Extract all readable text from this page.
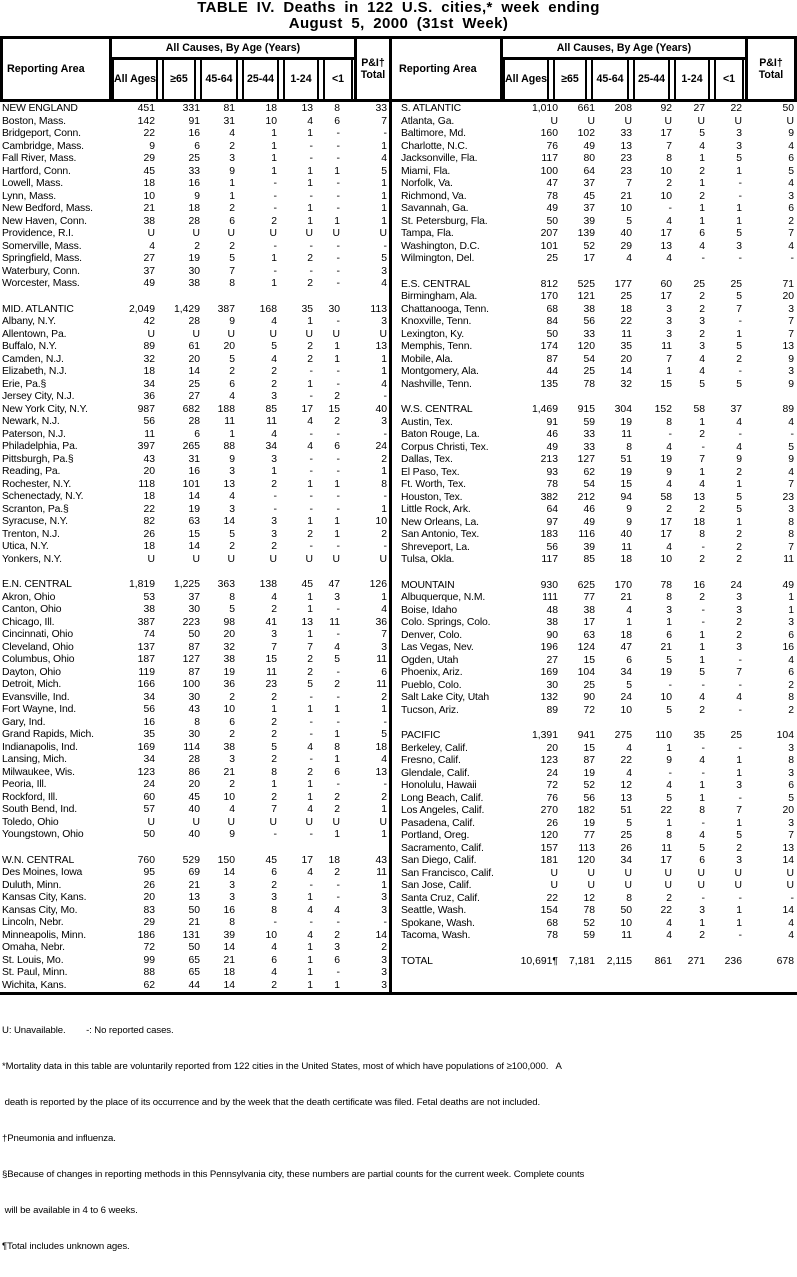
TABLE IV. Deaths in 122 U.S. cities,* week ending
August 5, 2000 (31st Week)
Reporting Area
All Causes, By Age (Years)
All Ages	≥65	45-64	25-44	1-24	<1
P&I†
Total Reporting Area
All Causes, By Age (Years)
All Ages	≥65	45-64	25-44	1-24	<1
P&I†
Total
NEW ENGLAND	451	331	81	18	13	8	33
Boston, Mass.	142	91	31	10	4	6	7
Bridgeport, Conn.	22	16	4	1	1	-	-
Cambridge, Mass.	9	6	2	1	-	-	1
Fall River, Mass.	29	25	3	1	-	-	4
Hartford, Conn.	45	33	9	1	1	1	5
Lowell, Mass.	18	16	1	-	1	-	1
Lynn, Mass.	10	9	1	-	-	-	1
New Bedford, Mass.	21	18	2	-	1	-	1
New Haven, Conn.	38	28	6	2	1	1	1
Providence, R.I.	U	U	U	U	U	U	U
Somerville, Mass.	4	2	2	-	-	-	-
Springfield, Mass.	27	19	5	1	2	-	5
Waterbury, Conn.	37	30	7	-	-	-	3
Worcester, Mass.	49	38	8	1	2	-	4
MID. ATLANTIC	2,049	1,429	387	168	35	30	113
Albany, N.Y.	42	28	9	4	1	-	3
Allentown, Pa.	U	U	U	U	U	U	U
Buffalo, N.Y.	89	61	20	5	2	1	13
Camden, N.J.	32	20	5	4	2	1	1
Elizabeth, N.J.	18	14	2	2	-	-	1
Erie, Pa.§	34	25	6	2	1	-	4
Jersey City, N.J.	36	27	4	3	-	2	-
New York City, N.Y.	987	682	188	85	17	15	40
Newark, N.J.	56	28	11	11	4	2	3
Paterson, N.J.	11	6	1	4	-	-	-
Philadelphia, Pa.	397	265	88	34	4	6	24
Pittsburgh, Pa.§	43	31	9	3	-	-	2
Reading, Pa.	20	16	3	1	-	-	1
Rochester, N.Y.	118	101	13	2	1	1	8
Schenectady, N.Y.	18	14	4	-	-	-	-
Scranton, Pa.§	22	19	3	-	-	-	1
Syracuse, N.Y.	82	63	14	3	1	1	10
Trenton, N.J.	26	15	5	3	2	1	2
Utica, N.Y.	18	14	2	2	-	-	-
Yonkers, N.Y.	U	U	U	U	U	U	U
E.N. CENTRAL	1,819	1,225	363	138	45	47	126
Akron, Ohio	53	37	8	4	1	3	1
Canton, Ohio	38	30	5	2	1	-	4
Chicago, Ill.	387	223	98	41	13	11	36
Cincinnati, Ohio	74	50	20	3	1	-	7
Cleveland, Ohio	137	87	32	7	7	4	3
Columbus, Ohio	187	127	38	15	2	5	11
Dayton, Ohio	119	87	19	11	2	-	6
Detroit, Mich.	166	100	36	23	5	2	11
Evansville, Ind.	34	30	2	2	-	-	2
Fort Wayne, Ind.	56	43	10	1	1	1	1
Gary, Ind.	16	8	6	2	-	-	-
Grand Rapids, Mich.	35	30	2	2	-	1	5
Indianapolis, Ind.	169	114	38	5	4	8	18
Lansing, Mich.	34	28	3	2	-	1	4
Milwaukee, Wis.	123	86	21	8	2	6	13
Peoria, Ill.	24	20	2	1	1	-	-
Rockford, Ill.	60	45	10	2	1	2	2
South Bend, Ind.	57	40	4	7	4	2	1
Toledo, Ohio	U	U	U	U	U	U	U
Youngstown, Ohio	50	40	9	-	-	1	1
W.N. CENTRAL	760	529	150	45	17	18	43
Des Moines, Iowa	95	69	14	6	4	2	11
Duluth, Minn.	26	21	3	2	-	-	1
Kansas City, Kans.	20	13	3	3	1	-	3
Kansas City, Mo.	83	50	16	8	4	4	3
Lincoln, Nebr.	29	21	8	-	-	-	-
Minneapolis, Minn.	186	131	39	10	4	2	14
Omaha, Nebr.	72	50	14	4	1	3	2
St. Louis, Mo.	99	65	21	6	1	6	3
St. Paul, Minn.	88	65	18	4	1	-	3
Wichita, Kans.	62	44	14	2	1	1	3
S. ATLANTIC	1,010	661	208	92	27	22	50
Atlanta, Ga.	U	U	U	U	U	U	U
Baltimore, Md.	160	102	33	17	5	3	9
Charlotte, N.C.	76	49	13	7	4	3	4
Jacksonville, Fla.	117	80	23	8	1	5	6
Miami, Fla.	100	64	23	10	2	1	5
Norfolk, Va.	47	37	7	2	1	-	4
Richmond, Va.	78	45	21	10	2	-	3
Savannah, Ga.	49	37	10	-	1	1	6
St. Petersburg, Fla.	50	39	5	4	1	1	2
Tampa, Fla.	207	139	40	17	6	5	7
Washington, D.C.	101	52	29	13	4	3	4
Wilmington, Del.	25	17	4	4	-	-	-
E.S. CENTRAL	812	525	177	60	25	25	71
Birmingham, Ala.	170	121	25	17	2	5	20
Chattanooga, Tenn.	68	38	18	3	2	7	3
Knoxville, Tenn.	84	56	22	3	3	-	7
Lexington, Ky.	50	33	11	3	2	1	7
Memphis, Tenn.	174	120	35	11	3	5	13
Mobile, Ala.	87	54	20	7	4	2	9
Montgomery, Ala.	44	25	14	1	4	-	3
Nashville, Tenn.	135	78	32	15	5	5	9
W.S. CENTRAL	1,469	915	304	152	58	37	89
Austin, Tex.	91	59	19	8	1	4	4
Baton Rouge, La.	46	33	11	-	2	-	-
Corpus Christi, Tex.	49	33	8	4	-	4	5
Dallas, Tex.	213	127	51	19	7	9	9
El Paso, Tex.	93	62	19	9	1	2	4
Ft. Worth, Tex.	78	54	15	4	4	1	7
Houston, Tex.	382	212	94	58	13	5	23
Little Rock, Ark.	64	46	9	2	2	5	3
New Orleans, La.	97	49	9	17	18	1	8
San Antonio, Tex.	183	116	40	17	8	2	8
Shreveport, La.	56	39	11	4	-	2	7
Tulsa, Okla.	117	85	18	10	2	2	11
MOUNTAIN	930	625	170	78	16	24	49
Albuquerque, N.M.	111	77	21	8	2	3	1
Boise, Idaho	48	38	4	3	-	3	1
Colo. Springs, Colo.	38	17	1	1	-	2	3
Denver, Colo.	90	63	18	6	1	2	6
Las Vegas, Nev.	196	124	47	21	1	3	16
Ogden, Utah	27	15	6	5	1	-	4
Phoenix, Ariz.	169	104	34	19	5	7	6
Pueblo, Colo.	30	25	5	-	-	-	2
Salt Lake City, Utah	132	90	24	10	4	4	8
Tucson, Ariz.	89	72	10	5	2	-	2
PACIFIC	1,391	941	275	110	35	25	104
Berkeley, Calif.	20	15	4	1	-	-	3
Fresno, Calif.	123	87	22	9	4	1	8
Glendale, Calif.	24	19	4	-	-	1	3
Honolulu, Hawaii	72	52	12	4	1	3	6
Long Beach, Calif.	76	56	13	5	1	-	5
Los Angeles, Calif.	270	182	51	22	8	7	20
Pasadena, Calif.	26	19	5	1	-	1	3
Portland, Oreg.	120	77	25	8	4	5	7
Sacramento, Calif.	157	113	26	11	5	2	13
San Diego, Calif.	181	120	34	17	6	3	14
San Francisco, Calif.	U	U	U	U	U	U	U
San Jose, Calif.	U	U	U	U	U	U	U
Santa Cruz, Calif.	22	12	8	2	-	-	-
Seattle, Wash.	154	78	50	22	3	1	14
Spokane, Wash.	68	52	10	4	1	1	4
Tacoma, Wash.	78	59	11	4	2	-	4
TOTAL	10,691¶	7,181	2,115	861	271	236	678

U: Unavailable.        -: No reported cases.

*Mortality data in this table are voluntarily reported from 122 cities in the United States, most of which have populations of ≥100,000.   A

death is reported by the place of its occurrence and by the week that the death certificate was filed. Fetal deaths are not included.

†Pneumonia and influenza.

§Because of changes in reporting methods in this Pennsylvania city, these numbers are partial counts for the current week. Complete counts

will be available in 4 to 6 weeks.

¶Total includes unknown ages.
